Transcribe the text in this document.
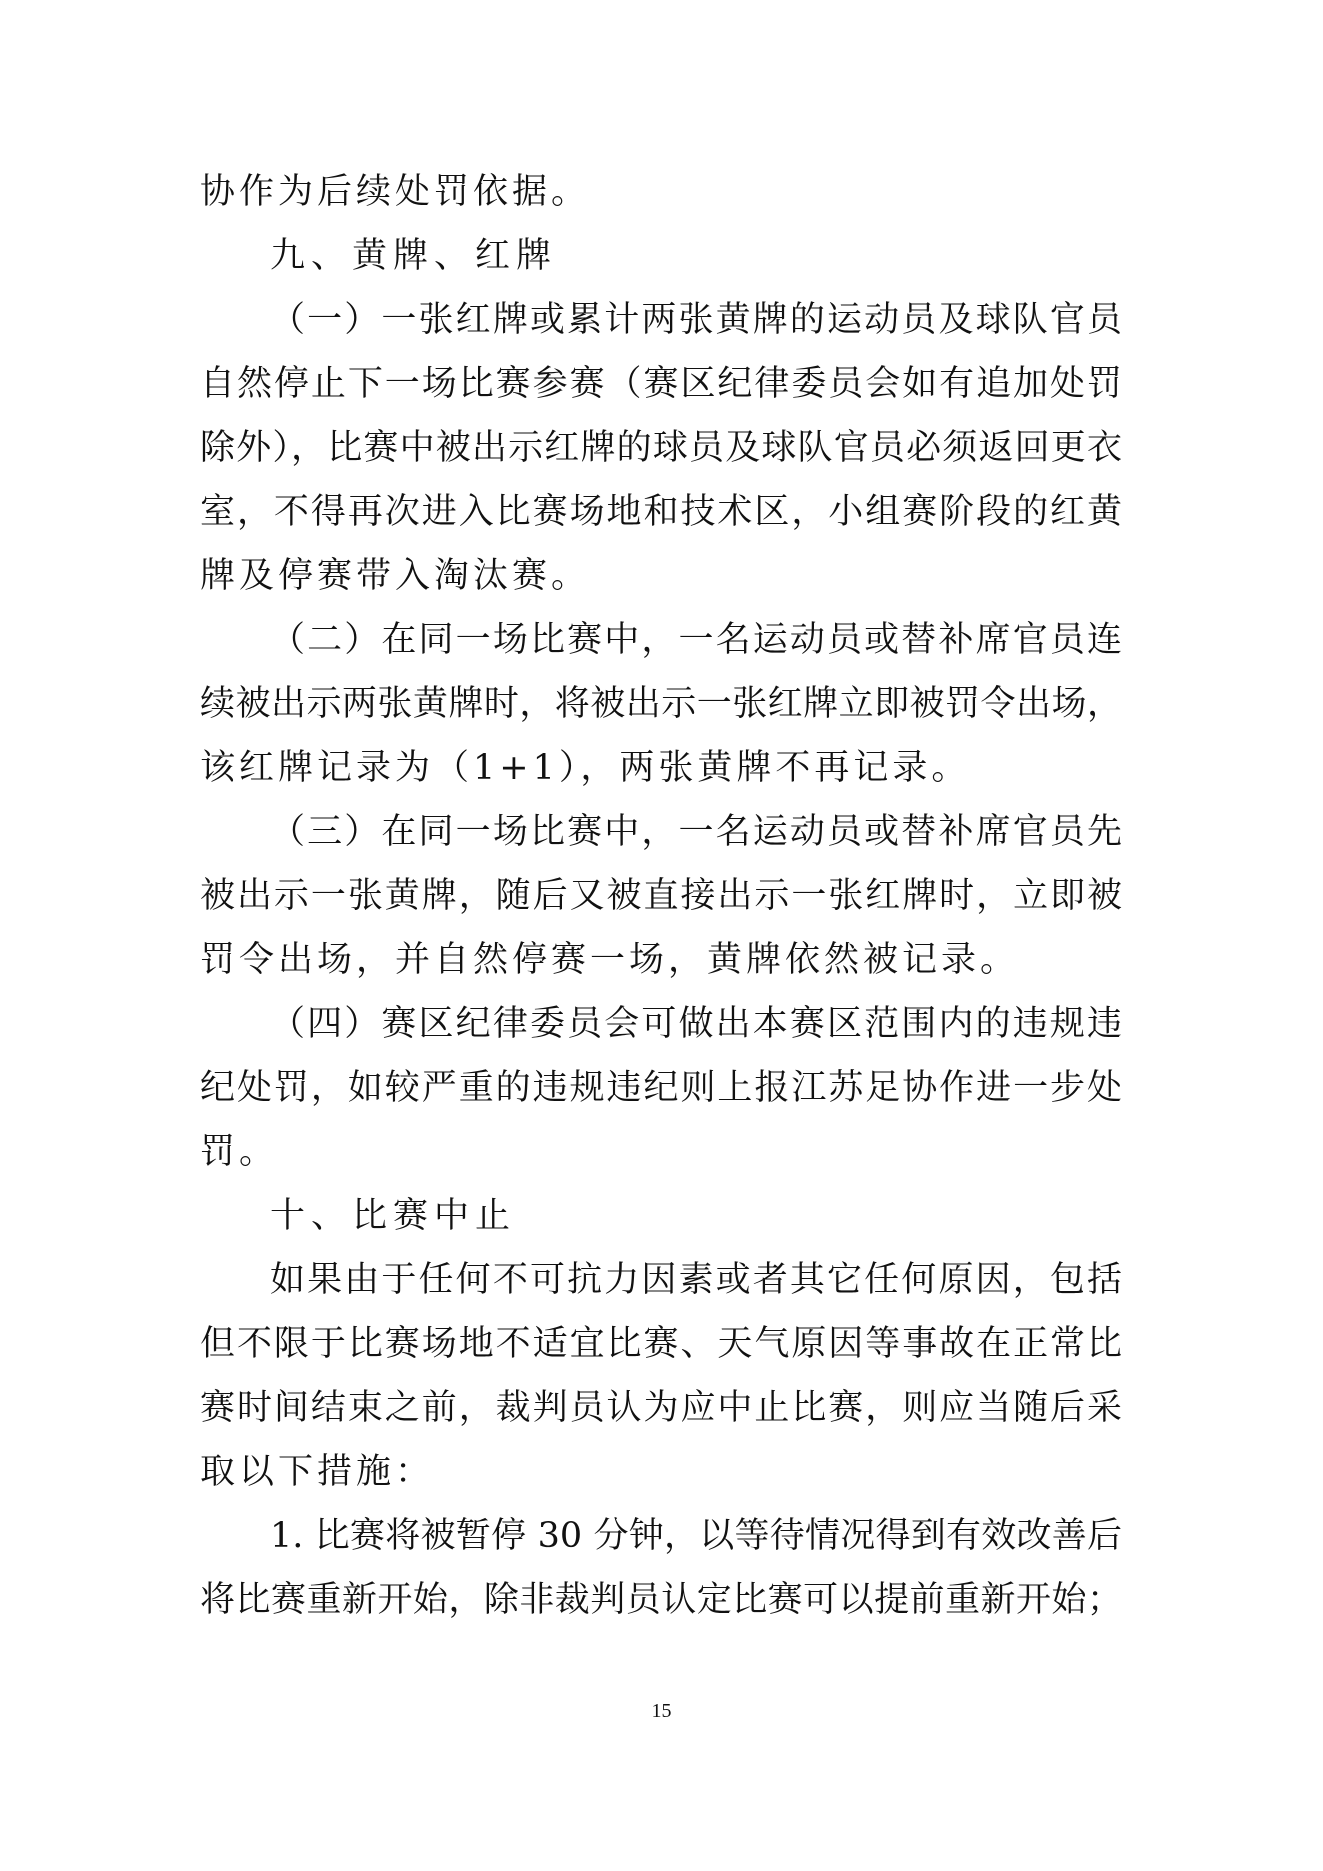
协作为后续处罚依据。
九、黄牌、红牌
（一）一张红牌或累计两张黄牌的运动员及球队官员
自然停止下一场比赛参赛（赛区纪律委员会如有追加处罚
除外），比赛中被出示红牌的球员及球队官员必须返回更衣
室，不得再次进入比赛场地和技术区，小组赛阶段的红黄
牌及停赛带入淘汰赛。
（二）在同一场比赛中，一名运动员或替补席官员连
续被出示两张黄牌时，将被出示一张红牌立即被罚令出场，
该红牌记录为（1+1），两张黄牌不再记录。
（三）在同一场比赛中，一名运动员或替补席官员先
被出示一张黄牌，随后又被直接出示一张红牌时，立即被
罚令出场，并自然停赛一场，黄牌依然被记录。
（四）赛区纪律委员会可做出本赛区范围内的违规违
纪处罚，如较严重的违规违纪则上报江苏足协作进一步处
罚。
十、比赛中止
如果由于任何不可抗力因素或者其它任何原因，包括
但不限于比赛场地不适宜比赛、天气原因等事故在正常比
赛时间结束之前，裁判员认为应中止比赛，则应当随后采
取以下措施：
1. 比赛将被暂停 30 分钟，以等待情况得到有效改善后
将比赛重新开始，除非裁判员认定比赛可以提前重新开始；
15
